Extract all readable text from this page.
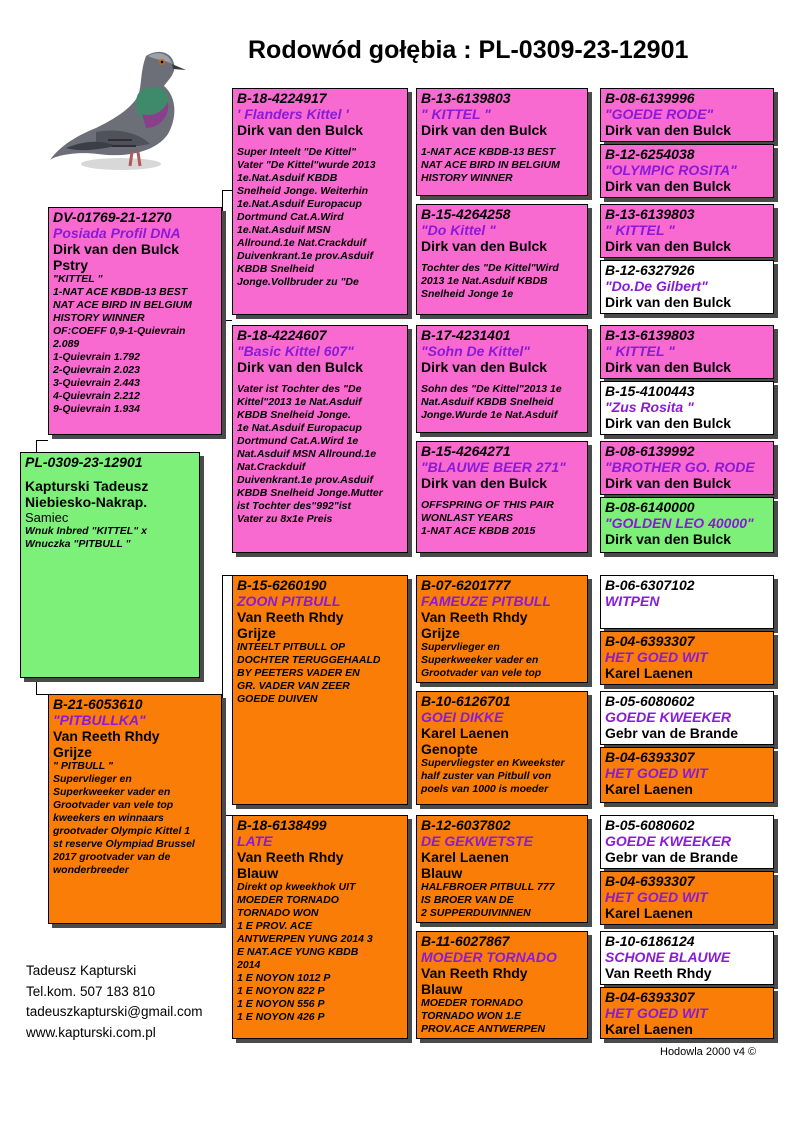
Rodowód gołębia : PL-0309-23-12901
PL-0309-23-12901
Kapturski Tadeusz
Niebiesko-Nakrap.
Samiec
Wnuk Inbred "KITTEL" x
Wnuczka "PITBULL "
DV-01769-21-1270
Posiada Profil DNA
Dirk van den Bulck
Pstry
"KITTEL "
1-NAT ACE KBDB-13 BEST
NAT ACE BIRD IN BELGIUM
HISTORY WINNER
OF:COEFF 0,9-1-Quievrain
2.089
1-Quievrain 1.792
2-Quievrain 2.023
3-Quievrain 2.443
4-Quievrain 2.212
9-Quievrain 1.934
B-21-6053610
"PITBULLKA"
Van Reeth Rhdy
Grijze
" PITBULL "
Supervlieger en
Superkweeker vader en
Grootvader van vele top
kweekers en winnaars
grootvader Olympic Kittel 1
st reserve Olympiad Brussel
2017 grootvader van de
wonderbreeder
B-18-4224917
' Flanders Kittel '
Dirk van den Bulck
Super Inteelt "De Kittel"
Vater "De Kittel"wurde 2013
1e.Nat.Asduif KBDB
Snelheid Jonge. Weiterhin
1e.Nat.Asduif Europacup
Dortmund Cat.A.Wird
1e.Nat.Asduif MSN
Allround.1e Nat.Crackduif
Duivenkrant.1e prov.Asduif
KBDB Snelheid
Jonge.Vollbruder zu "De
B-18-4224607
"Basic Kittel 607"
Dirk van den Bulck
Vater ist Tochter des "De
Kittel"2013 1e Nat.Asduif
KBDB Snelheid Jonge.
1e Nat.Asduif Europacup
Dortmund Cat.A.Wird 1e
Nat.Asduif MSN Allround.1e
Nat.Crackduif
Duivenkrant.1e prov.Asduif
KBDB Snelheid Jonge.Mutter
ist Tochter des"992"ist
Vater zu 8x1e Preis
B-15-6260190
ZOON PITBULL
Van Reeth Rhdy
Grijze
INTEELT PITBULL OP
DOCHTER TERUGGEHAALD
BY PEETERS VADER EN
GR. VADER VAN ZEER
GOEDE DUIVEN
B-18-6138499
LATE
Van Reeth Rhdy
Blauw
Direkt op kweekhok UIT
MOEDER TORNADO
TORNADO WON
1 E PROV. ACE
ANTWERPEN YUNG 2014 3
E NAT.ACE YUNG KBDB
2014
1 E NOYON 1012 P
1 E NOYON 822 P
1 E NOYON 556 P
1 E NOYON 426 P
B-13-6139803
" KITTEL "
Dirk van den Bulck
1-NAT ACE KBDB-13 BEST
NAT ACE BIRD IN BELGIUM
HISTORY WINNER
B-15-4264258
"Do Kittel "
Dirk van den Bulck
Tochter des "De Kittel"Wird
2013 1e Nat.Asduif KBDB
Snelheid Jonge 1e
B-17-4231401
"Sohn De Kittel"
Dirk van den Bulck
Sohn des "De Kittel"2013 1e
Nat.Asduif KBDB Snelheid
Jonge.Wurde 1e Nat.Asduif
B-15-4264271
"BLAUWE BEER 271"
Dirk van den Bulck
OFFSPRING OF THIS PAIR
WONLAST YEARS
1-NAT ACE KBDB 2015
B-07-6201777
FAMEUZE PITBULL
Van Reeth Rhdy
Grijze
Supervlieger en
Superkweeker vader en
Grootvader van vele top
B-10-6126701
GOEI DIKKE
Karel Laenen
Genopte
Supervliegster en Kweekster
half zuster van Pitbull von
poels van 1000 is moeder
B-12-6037802
DE GEKWETSTE
Karel Laenen
Blauw
HALFBROER PITBULL 777
IS BROER VAN DE
2 SUPPERDUIVINNEN
B-11-6027867
MOEDER TORNADO
Van Reeth Rhdy
Blauw
MOEDER TORNADO
TORNADO WON 1.E
PROV.ACE ANTWERPEN
B-08-6139996
"GOEDE RODE"
Dirk van den Bulck
B-12-6254038
"OLYMPIC ROSITA"
Dirk van den Bulck
B-13-6139803
" KITTEL "
Dirk van den Bulck
B-12-6327926
"Do.De Gilbert"
Dirk van den Bulck
B-13-6139803
" KITTEL "
Dirk van den Bulck
B-15-4100443
"Zus Rosita "
Dirk van den Bulck
B-08-6139992
"BROTHER GO. RODE
Dirk van den Bulck
B-08-6140000
"GOLDEN LEO 40000"
Dirk van den Bulck
B-06-6307102
WITPEN
B-04-6393307
HET GOED WIT
Karel Laenen
B-05-6080602
GOEDE KWEEKER
Gebr van de Brande
B-04-6393307
HET GOED WIT
Karel Laenen
B-05-6080602
GOEDE KWEEKER
Gebr van de Brande
B-04-6393307
HET GOED WIT
Karel Laenen
B-10-6186124
SCHONE BLAUWE
Van Reeth Rhdy
B-04-6393307
HET GOED WIT
Karel Laenen
Tadeusz Kapturski
Tel.kom. 507 183 810
tadeuszkapturski@gmail.com
www.kapturski.com.pl
Hodowla 2000 v4 ©
